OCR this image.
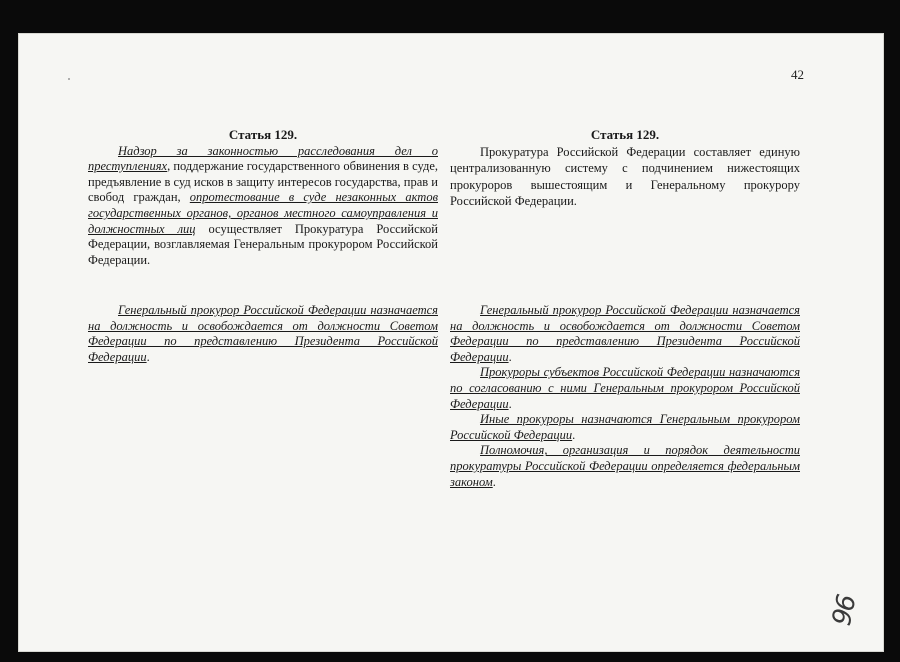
42
Статья 129.

Надзор за законностью расследования дел о преступлениях, поддержание государственного обвинения в суде, предъявление в суд исков в защиту интересов государства, прав и свобод граждан, опротестование в суде незаконных актов государственных органов, органов местного самоуправления и должностных лиц осуществляет Прокуратура Российской Федерации, возглавляемая Генеральным прокурором Российской Федерации.

Генеральный прокурор Российской Федерации назначается на должность и освобождается от должности Советом Федерации по представлению Президента Российской Федерации.

Статья 129.

Прокуратура Российской Федерации составляет единую централизованную систему с подчинением нижестоящих прокуроров вышестоящим и Генеральному прокурору Российской Федерации.

Генеральный прокурор Российской Федерации назначается на должность и освобождается от должности Советом Федерации по представлению Президента Российской Федерации.

Прокуроры субъектов Российской Федерации назначаются по согласованию с ними Генеральным прокурором Российской Федерации.

Иные прокуроры назначаются Генеральным прокурором Российской Федерации.

Полномочия, организация и порядок деятельности прокуратуры Российской Федерации определяется федеральным законом.

96
